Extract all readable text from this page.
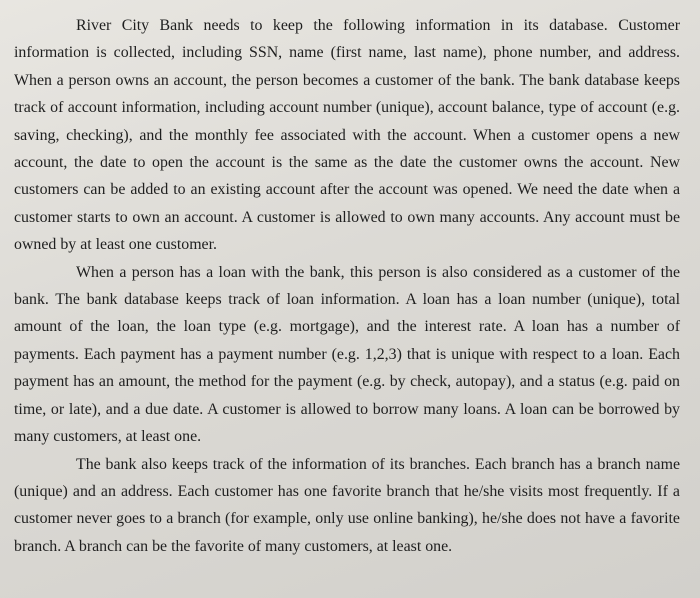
River City Bank needs to keep the following information in its database. Customer information is collected, including SSN, name (first name, last name), phone number, and address. When a person owns an account, the person becomes a customer of the bank. The bank database keeps track of account information, including account number (unique), account balance, type of account (e.g. saving, checking), and the monthly fee associated with the account. When a customer opens a new account, the date to open the account is the same as the date the customer owns the account. New customers can be added to an existing account after the account was opened. We need the date when a customer starts to own an account. A customer is allowed to own many accounts. Any account must be owned by at least one customer.

When a person has a loan with the bank, this person is also considered as a customer of the bank. The bank database keeps track of loan information. A loan has a loan number (unique), total amount of the loan, the loan type (e.g. mortgage), and the interest rate. A loan has a number of payments. Each payment has a payment number (e.g. 1,2,3) that is unique with respect to a loan. Each payment has an amount, the method for the payment (e.g. by check, autopay), and a status (e.g. paid on time, or late), and a due date. A customer is allowed to borrow many loans. A loan can be borrowed by many customers, at least one.

The bank also keeps track of the information of its branches. Each branch has a branch name (unique) and an address. Each customer has one favorite branch that he/she visits most frequently. If a customer never goes to a branch (for example, only use online banking), he/she does not have a favorite branch. A branch can be the favorite of many customers, at least one.
